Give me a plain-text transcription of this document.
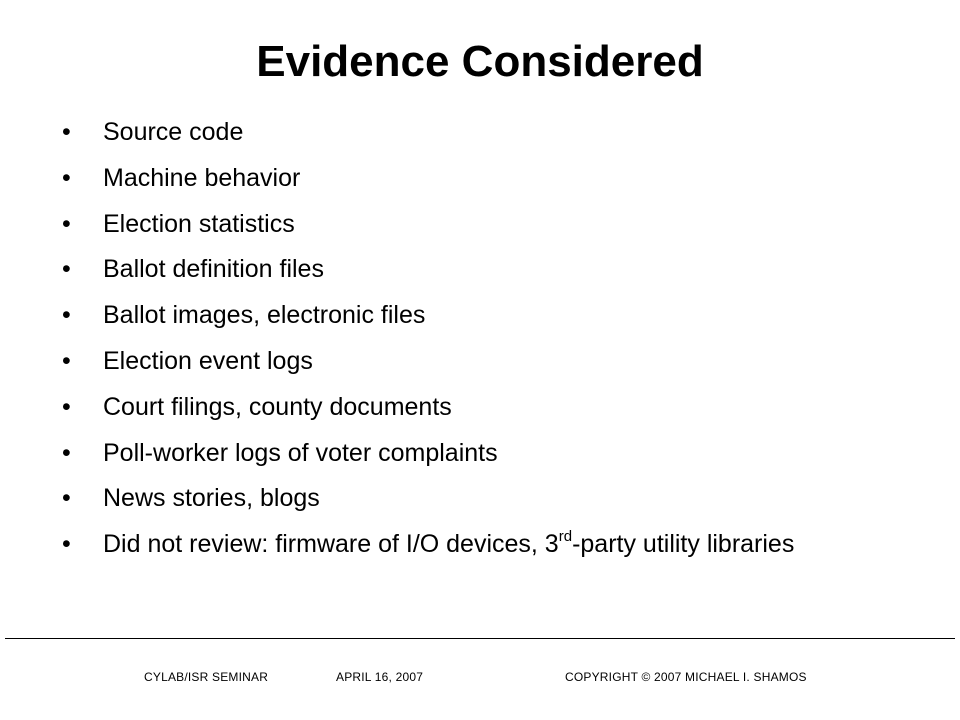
Evidence Considered
•	Source code
•	Machine behavior
•	Election statistics
•	Ballot definition files
•	Ballot images, electronic files
•	Election event logs
•	Court filings, county documents
•	Poll-worker logs of voter complaints
•	News stories, blogs
•	Did not review: firmware of I/O devices, 3rd-party utility libraries
CYLAB/ISR SEMINAR	APRIL 16, 2007	COPYRIGHT © 2007 MICHAEL I. SHAMOS
